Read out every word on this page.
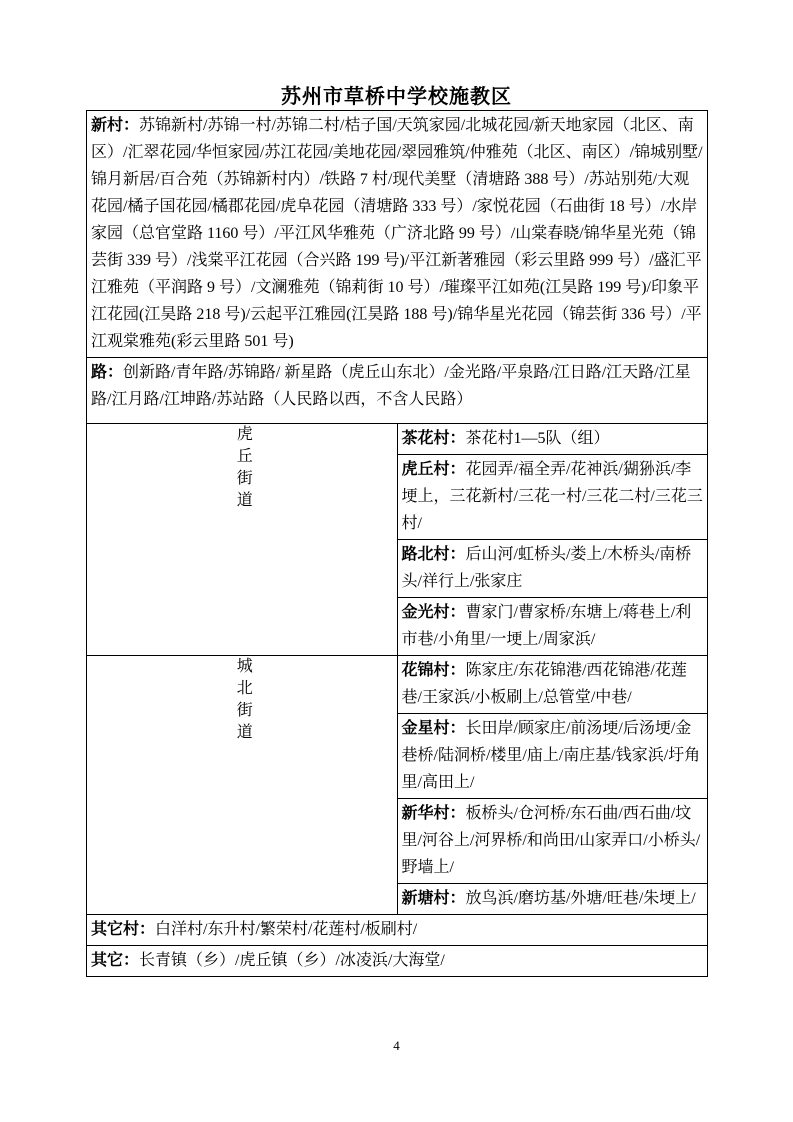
苏州市草桥中学校施教区
新村：苏锦新村/苏锦一村/苏锦二村/桔子国/天筑家园/北城花园/新天地家园（北区、南区）/汇翠花园/华恒家园/苏江花园/美地花园/翠园雅筑/仲雅苑（北区、南区）/锦城别墅/锦月新居/百合苑（苏锦新村内）/铁路 7 村/现代美墅（清塘路 388 号）/苏站别苑/大观花园/橘子国花园/橘郡花园/虎阜花园（清塘路 333 号）/家悦花园（石曲街 18 号）/水岸家园（总官堂路 1160 号）/平江风华雅苑（广济北路 99 号）/山棠春晓/锦华星光苑（锦芸街 339 号）/浅棠平江花园（合兴路 199 号)/平江新著雅园（彩云里路 999 号）/盛汇平江雅苑（平润路 9 号）/文澜雅苑（锦莉街 10 号）/璀璨平江如苑(江昊路 199 号)/印象平江花园(江昊路 218 号)/云起平江雅园(江昊路 188 号)/锦华星光花园（锦芸街 336 号）/平江观棠雅苑(彩云里路 501 号)	
路：创新路/青年路/苏锦路/ 新星路（虎丘山东北）/金光路/平泉路/江日路/江天路/江星路/江月路/江坤路/苏站路（人民路以西，不含人民路）	

虎丘街道	茶花村：茶花村1—5队（组）
	虎丘村：花园弄/福全弄/花神浜/猢狲浜/李埂上，三花新村/三花一村/三花二村/三花三村/
	路北村：后山河/虹桥头/娄上/木桥头/南桥头/祥行上/张家庄
	金光村：曹家门/曹家桥/东塘上/蒋巷上/利市巷/小角里/一埂上/周家浜/

城北街道	花锦村：陈家庄/东花锦港/西花锦港/花莲巷/王家浜/小板刷上/总管堂/中巷/
	金星村：长田岸/顾家庄/前汤埂/后汤埂/金巷桥/陆洞桥/楼里/庙上/南庄基/钱家浜/圩角里/高田上/
	新华村：板桥头/仓河桥/东石曲/西石曲/坟里/河谷上/河界桥/和尚田/山家弄口/小桥头/野墙上/
	新塘村：放鸟浜/磨坊基/外塘/旺巷/朱埂上/
其它村：白洋村/东升村/繁荣村/花莲村/板刷村/	
其它：长青镇（乡）/虎丘镇（乡）/冰凌浜/大海堂/	
4
